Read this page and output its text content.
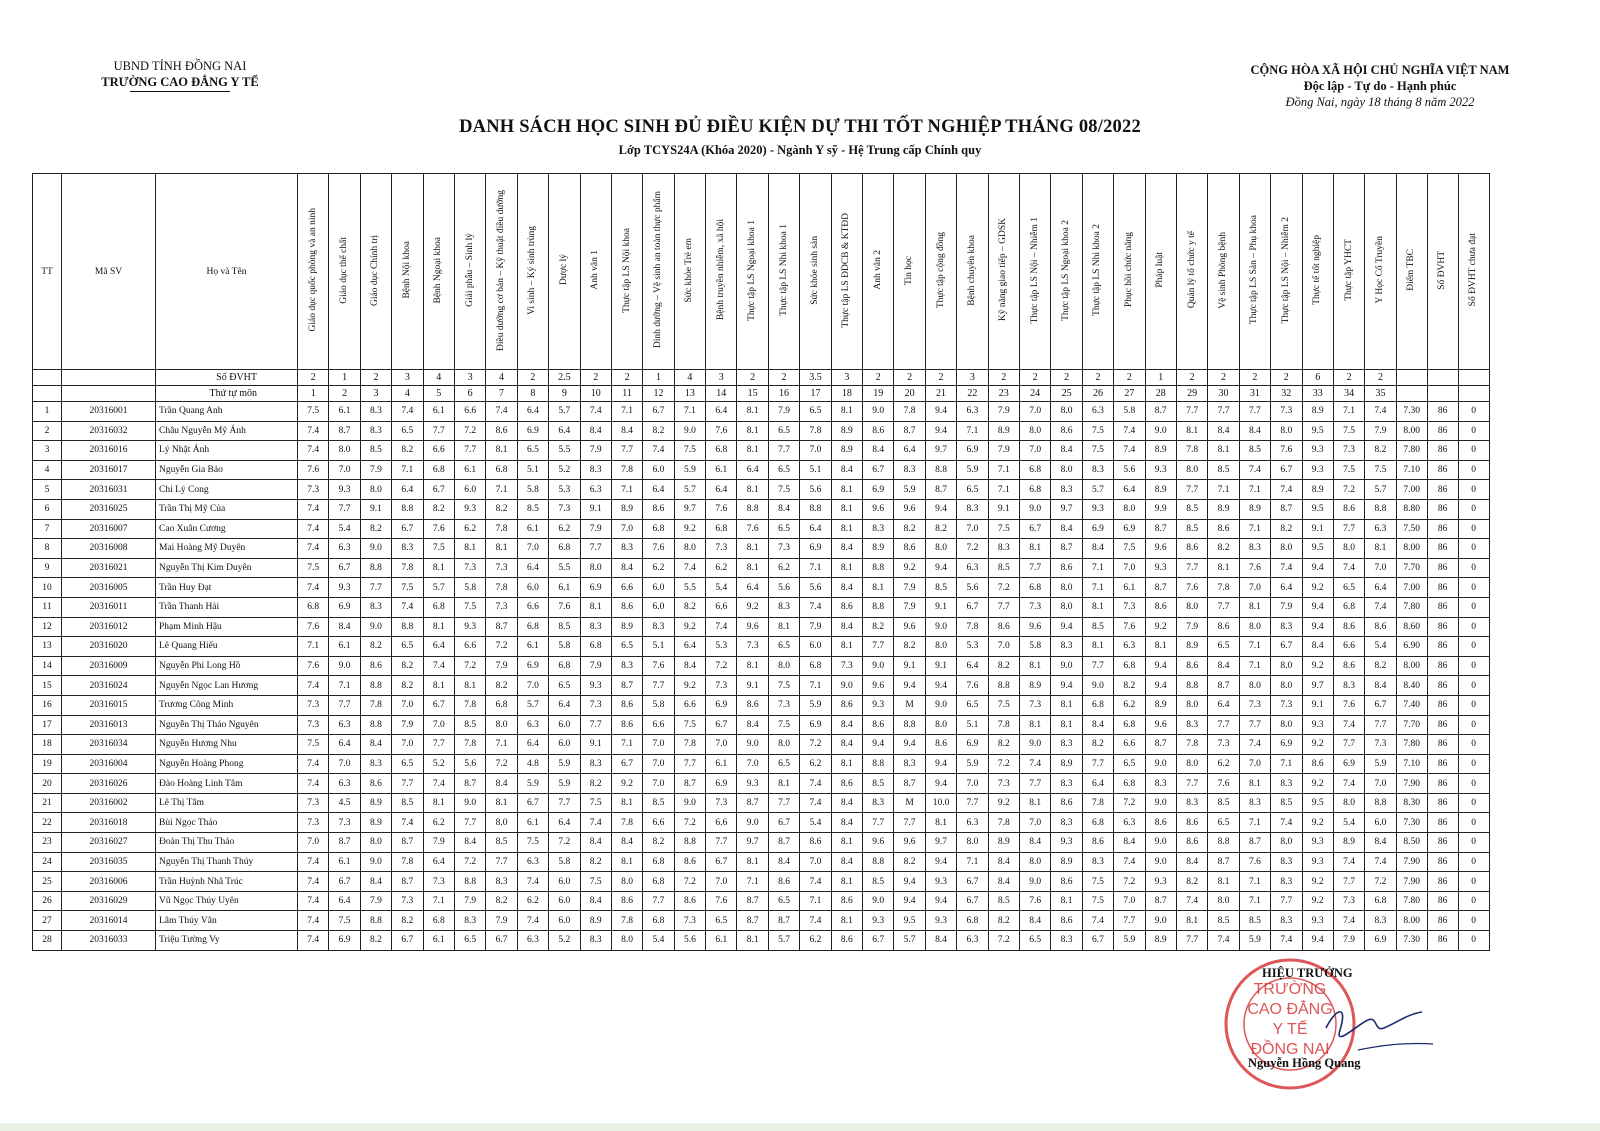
UBND TỈNH ĐỒNG NAI
TRƯỜNG CAO ĐẲNG Y TẾ
CỘNG HÒA XÃ HỘI CHỦ NGHĨA VIỆT NAM
Độc lập - Tự do - Hạnh phúc
Đồng Nai, ngày 18 tháng 8 năm 2022
DANH SÁCH HỌC SINH ĐỦ ĐIỀU KIỆN DỰ THI TỐT NGHIỆP THÁNG 08/2022
Lớp TCYS24A (Khóa 2020) - Ngành Y sỹ - Hệ Trung cấp Chính quy
TT	Mã SV	Họ và Tên	Giáo dục quốc phòng và an ninh	Giáo dục thể chất	Giáo dục Chính trị	Bệnh Nội khoa	Bệnh Ngoại khoa	Giải phẫu – Sinh lý	Điều dưỡng cơ bản – Kỹ thuật điều dưỡng	Vi sinh – Ký sinh trùng	Dược lý	Anh văn 1	Thực tập LS Nội khoa	Dinh dưỡng – Vệ sinh an toàn thực phẩm	Sức khỏe Trẻ em	Bệnh truyền nhiễm, xã hội	Thực tập LS Ngoại khoa 1	Thực tập LS Nhi khoa 1	Sức khỏe sinh sản	Thực tập LS ĐDCB & KTĐD	Anh văn 2	Tin học	Thực tập cộng đồng	Bệnh chuyên khoa	Kỹ năng giao tiếp – GDSK	Thực tập LS Nội – Nhiễm 1	Thực tập LS Ngoại khoa 2	Thực tập LS Nhi khoa 2	Phục hồi chức năng	Pháp luật	Quản lý tổ chức y tế	Vệ sinh Phòng bệnh	Thực tập LS Sản – Phụ khoa	Thực tập LS Nội – Nhiễm 2	Thực tế tốt nghiệp	Thực tập YHCT	Y Học Cổ Truyền	Điểm TBC	Số ĐVHT	Số ĐVHT chưa đạt
		Số ĐVHT	2	1	2	3	4	3	4	2	2.5	2	2	1	4	3	2	2	3.5	3	2	2	2	3	2	2	2	2	2	1	2	2	2	2	6	2	2			
		Thứ tự môn	1	2	3	4	5	6	7	8	9	10	11	12	13	14	15	16	17	18	19	20	21	22	23	24	25	26	27	28	29	30	31	32	33	34	35			
1	20316001	Trần Quang Anh	7.5	6.1	8.3	7.4	6.1	6.6	7.4	6.4	5.7	7.4	7.1	6.7	7.1	6.4	8.1	7.9	6.5	8.1	9.0	7.8	9.4	6.3	7.9	7.0	8.0	6.3	5.8	8.7	7.7	7.7	7.7	7.3	8.9	7.1	7.4	7.30	86	0
2	20316032	Châu Nguyễn Mỹ Ánh	7.4	8.7	8.3	6.5	7.7	7.2	8.6	6.9	6.4	8.4	8.4	8.2	9.0	7.6	8.1	6.5	7.8	8.9	8.6	8.7	9.4	7.1	8.9	8.0	8.6	7.5	7.4	9.0	8.1	8.4	8.4	8.0	9.5	7.5	7.9	8.00	86	0
3	20316016	Lý Nhật Ánh	7.4	8.0	8.5	8.2	6.6	7.7	8.1	6.5	5.5	7.9	7.7	7.4	7.5	6.8	8.1	7.7	7.0	8.9	8.4	6.4	9.7	6.9	7.9	7.0	8.4	7.5	7.4	8.9	7.8	8.1	8.5	7.6	9.3	7.3	8.2	7.80	86	0
4	20316017	Nguyễn Gia Bảo	7.6	7.0	7.9	7.1	6.8	6.1	6.8	5.1	5.2	8.3	7.8	6.0	5.9	6.1	6.4	6.5	5.1	8.4	6.7	8.3	8.8	5.9	7.1	6.8	8.0	8.3	5.6	9.3	8.0	8.5	7.4	6.7	9.3	7.5	7.5	7.10	86	0
5	20316031	Chi Lý Cong	7.3	9.3	8.0	6.4	6.7	6.0	7.1	5.8	5.3	6.3	7.1	6.4	5.7	6.4	8.1	7.5	5.6	8.1	6.9	5.9	8.7	6.5	7.1	6.8	8.3	5.7	6.4	8.9	7.7	7.1	7.1	7.4	8.9	7.2	5.7	7.00	86	0
6	20316025	Trần Thị Mỹ Của	7.4	7.7	9.1	8.8	8.2	9.3	8.2	8.5	7.3	9.1	8.9	8.6	9.7	7.6	8.8	8.4	8.8	8.1	9.6	9.6	9.4	8.3	9.1	9.0	9.7	9.3	8.0	9.9	8.5	8.9	8.9	8.7	9.5	8.6	8.8	8.80	86	0
7	20316007	Cao Xuân Cương	7.4	5.4	8.2	6.7	7.6	6.2	7.8	6.1	6.2	7.9	7.0	6.8	9.2	6.8	7.6	6.5	6.4	8.1	8.3	8.2	8.2	7.0	7.5	6.7	8.4	6.9	6.9	8.7	8.5	8.6	7.1	8.2	9.1	7.7	6.3	7.50	86	0
8	20316008	Mai Hoàng Mỹ Duyên	7.4	6.3	9.0	8.3	7.5	8.1	8.1	7.0	6.8	7.7	8.3	7.6	8.0	7.3	8.1	7.3	6.9	8.4	8.9	8.6	8.0	7.2	8.3	8.1	8.7	8.4	7.5	9.6	8.6	8.2	8.3	8.0	9.5	8.0	8.1	8.00	86	0
9	20316021	Nguyễn Thị Kim Duyên	7.5	6.7	8.8	7.8	8.1	7.3	7.3	6.4	5.5	8.0	8.4	6.2	7.4	6.2	8.1	6.2	7.1	8.1	8.8	9.2	9.4	6.3	8.5	7.7	8.6	7.1	7.0	9.3	7.7	8.1	7.6	7.4	9.4	7.4	7.0	7.70	86	0
10	20316005	Trần Huy Đạt	7.4	9.3	7.7	7.5	5.7	5.8	7.8	6.0	6.1	6.9	6.6	6.0	5.5	5.4	6.4	5.6	5.6	8.4	8.1	7.9	8.5	5.6	7.2	6.8	8.0	7.1	6.1	8.7	7.6	7.8	7.0	6.4	9.2	6.5	6.4	7.00	86	0
11	20316011	Trần Thanh Hải	6.8	6.9	8.3	7.4	6.8	7.5	7.3	6.6	7.6	8.1	8.6	6.0	8.2	6.6	9.2	8.3	7.4	8.6	8.8	7.9	9.1	6.7	7.7	7.3	8.0	8.1	7.3	8.6	8.0	7.7	8.1	7.9	9.4	6.8	7.4	7.80	86	0
12	20316012	Phạm Minh Hậu	7.6	8.4	9.0	8.8	8.1	9.3	8.7	6.8	8.5	8.3	8.9	8.3	9.2	7.4	9.6	8.1	7.9	8.4	8.2	9.6	9.0	7.8	8.6	9.6	9.4	8.5	7.6	9.2	7.9	8.6	8.0	8.3	9.4	8.6	8.6	8.60	86	0
13	20316020	Lê Quang Hiếu	7.1	6.1	8.2	6.5	6.4	6.6	7.2	6.1	5.8	6.8	6.5	5.1	6.4	5.3	7.3	6.5	6.0	8.1	7.7	8.2	8.0	5.3	7.0	5.8	8.3	8.1	6.3	8.1	8.9	6.5	7.1	6.7	8.4	6.6	5.4	6.90	86	0
14	20316009	Nguyễn Phi Long Hồ	7.6	9.0	8.6	8.2	7.4	7.2	7.9	6.9	6.8	7.9	8.3	7.6	8.4	7.2	8.1	8.0	6.8	7.3	9.0	9.1	9.1	6.4	8.2	8.1	9.0	7.7	6.8	9.4	8.6	8.4	7.1	8.0	9.2	8.6	8.2	8.00	86	0
15	20316024	Nguyễn Ngọc Lan Hương	7.4	7.1	8.8	8.2	8.1	8.1	8.2	7.0	6.5	9.3	8.7	7.7	9.2	7.3	9.1	7.5	7.1	9.0	9.6	9.4	9.4	7.6	8.8	8.9	9.4	9.0	8.2	9.4	8.8	8.7	8.0	8.0	9.7	8.3	8.4	8.40	86	0
16	20316015	Trương Công Minh	7.3	7.7	7.8	7.0	6.7	7.8	6.8	5.7	6.4	7.3	8.6	5.8	6.6	6.9	8.6	7.3	5.9	8.6	9.3	M	9.0	6.5	7.5	7.3	8.1	6.8	6.2	8.9	8.0	6.4	7.3	7.3	9.1	7.6	6.7	7.40	86	0
17	20316013	Nguyễn Thị Thảo Nguyên	7.3	6.3	8.8	7.9	7.0	8.5	8.0	6.3	6.0	7.7	8.6	6.6	7.5	6.7	8.4	7.5	6.9	8.4	8.6	8.8	8.0	5.1	7.8	8.1	8.1	8.4	6.8	9.6	8.3	7.7	7.7	8.0	9.3	7.4	7.7	7.70	86	0
18	20316034	Nguyễn Hương Nhu	7.5	6.4	8.4	7.0	7.7	7.8	7.1	6.4	6.0	9.1	7.1	7.0	7.8	7.0	9.0	8.0	7.2	8.4	9.4	9.4	8.6	6.9	8.2	9.0	8.3	8.2	6.6	8.7	7.8	7.3	7.4	6.9	9.2	7.7	7.3	7.80	86	0
19	20316004	Nguyễn Hoàng Phong	7.4	7.0	8.3	6.5	5.2	5.6	7.2	4.8	5.9	8.3	6.7	7.0	7.7	6.1	7.0	6.5	6.2	8.1	8.8	8.3	9.4	5.9	7.2	7.4	8.9	7.7	6.5	9.0	8.0	6.2	7.0	7.1	8.6	6.9	5.9	7.10	86	0
20	20316026	Đào Hoàng Linh Tâm	7.4	6.3	8.6	7.7	7.4	8.7	8.4	5.9	5.9	8.2	9.2	7.0	8.7	6.9	9.3	8.1	7.4	8.6	8.5	8.7	9.4	7.0	7.3	7.7	8.3	6.4	6.8	8.3	7.7	7.6	8.1	8.3	9.2	7.4	7.0	7.90	86	0
21	20316002	Lê Thị Tâm	7.3	4.5	8.9	8.5	8.1	9.0	8.1	6.7	7.7	7.5	8.1	8.5	9.0	7.3	8.7	7.7	7.4	8.4	8.3	M	10.0	7.7	9.2	8.1	8.6	7.8	7.2	9.0	8.3	8.5	8.3	8.5	9.5	8.0	8.8	8.30	86	0
22	20316018	Bùi Ngọc Thảo	7.3	7.3	8.9	7.4	6.2	7.7	8.0	6.1	6.4	7.4	7.8	6.6	7.2	6.6	9.0	6.7	5.4	8.4	7.7	7.7	8.1	6.3	7.8	7.0	8.3	6.8	6.3	8.6	8.6	6.5	7.1	7.4	9.2	5.4	6.0	7.30	86	0
23	20316027	Đoàn Thị Thu Thảo	7.0	8.7	8.0	8.7	7.9	8.4	8.5	7.5	7.2	8.4	8.4	8.2	8.8	7.7	9.7	8.7	8.6	8.1	9.6	9.6	9.7	8.0	8.9	8.4	9.3	8.6	8.4	9.0	8.6	8.8	8.7	8.0	9.3	8.9	8.4	8.50	86	0
24	20316035	Nguyễn Thị Thanh Thúy	7.4	6.1	9.0	7.8	6.4	7.2	7.7	6.3	5.8	8.2	8.1	6.8	8.6	6.7	8.1	8.4	7.0	8.4	8.8	8.2	9.4	7.1	8.4	8.0	8.9	8.3	7.4	9.0	8.4	8.7	7.6	8.3	9.3	7.4	7.4	7.90	86	0
25	20316006	Trần Huỳnh Nhã Trúc	7.4	6.7	8.4	8.7	7.3	8.8	8.3	7.4	6.0	7.5	8.0	6.8	7.2	7.0	7.1	8.6	7.4	8.1	8.5	9.4	9.3	6.7	8.4	9.0	8.6	7.5	7.2	9.3	8.2	8.1	7.1	8.3	9.2	7.7	7.2	7.90	86	0
26	20316029	Vũ Ngọc Thúy Uyên	7.4	6.4	7.9	7.3	7.1	7.9	8.2	6.2	6.0	8.4	8.6	7.7	8.6	7.6	8.7	6.5	7.1	8.6	9.0	9.4	9.4	6.7	8.5	7.6	8.1	7.5	7.0	8.7	7.4	8.0	7.1	7.7	9.2	7.3	6.8	7.80	86	0
27	20316014	Lâm Thúy Vân	7.4	7.5	8.8	8.2	6.8	8.3	7.9	7.4	6.0	8.9	7.8	6.8	7.3	6.5	8.7	8.7	7.4	8.1	9.3	9.5	9.3	6.8	8.2	8.4	8.6	7.4	7.7	9.0	8.1	8.5	8.5	8.3	9.3	7.4	8.3	8.00	86	0
28	20316033	Triệu Tường Vy	7.4	6.9	8.2	6.7	6.1	6.5	6.7	6.3	5.2	8.3	8.0	5.4	5.6	6.1	8.1	5.7	6.2	8.6	6.7	5.7	8.4	6.3	7.2	6.5	8.3	6.7	5.9	8.9	7.7	7.4	5.9	7.4	9.4	7.9	6.9	7.30	86	0
TRƯỜNG
CAO ĐẲNG
Y TẾ
ĐỒNG NAI
HIỆU TRƯỞNG
Nguyễn Hồng Quang
